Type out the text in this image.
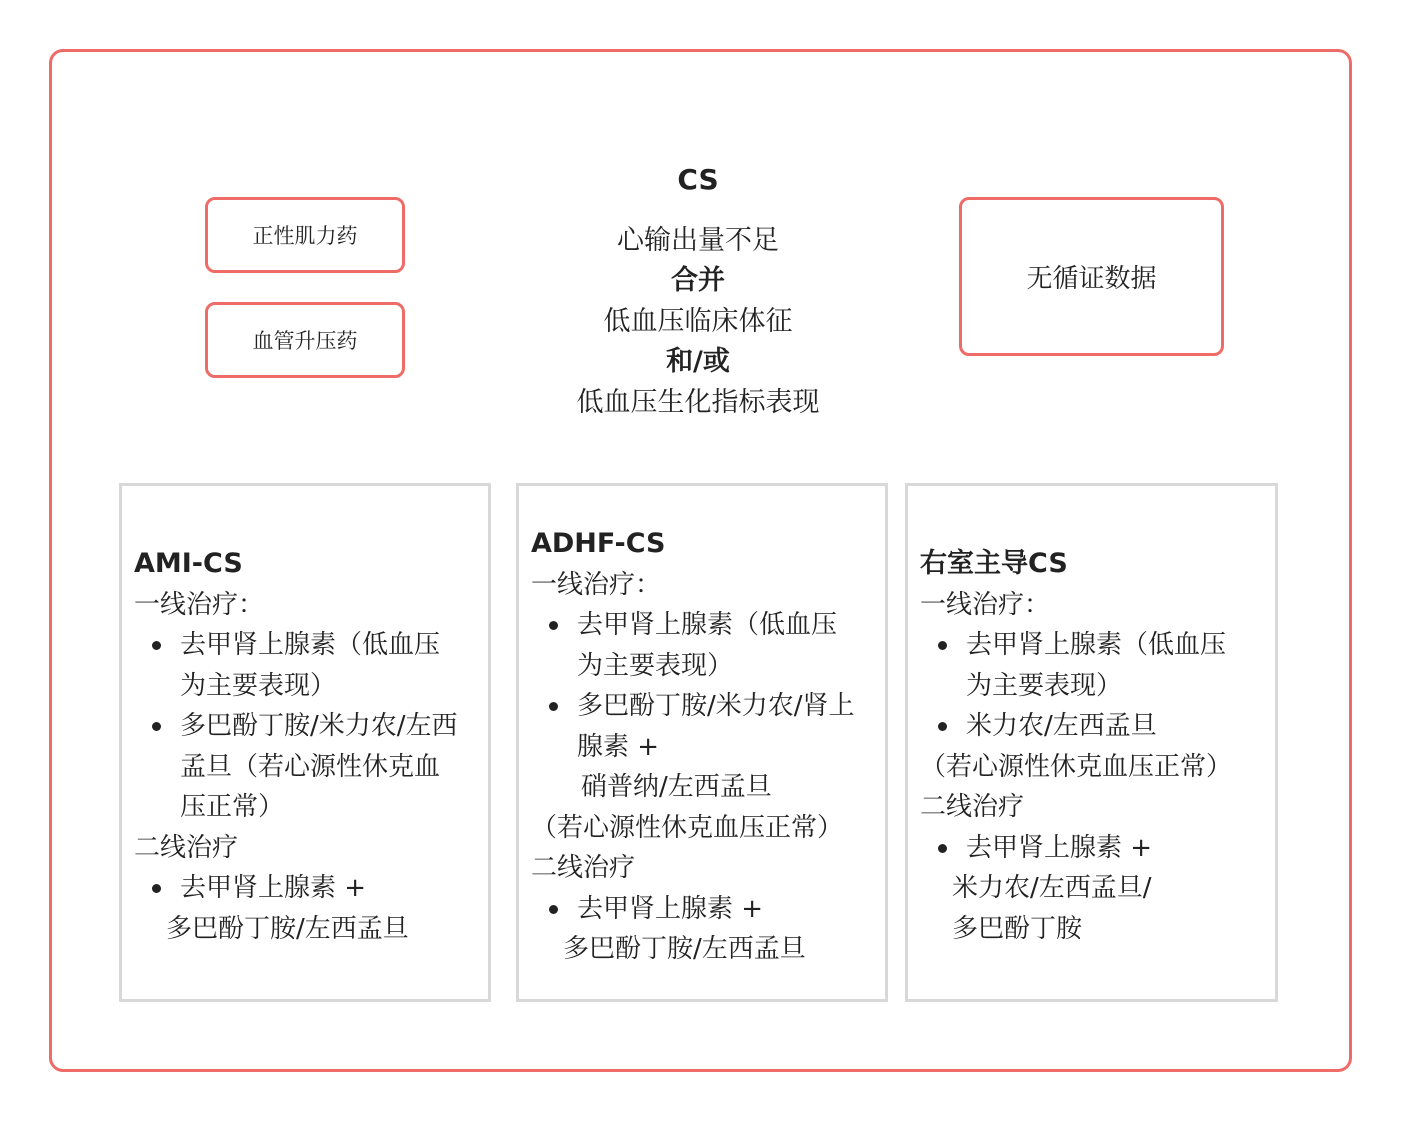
CS
心输出量不足
合并
低血压临床体征
和/或
低血压生化指标表现
正性肌力药
血管升压药
无循证数据
AMI-CS
一线治疗：
去甲肾上腺素（低血压
为主要表现）
多巴酚丁胺/米力农/左西
孟旦（若心源性休克血
压正常）
二线治疗
去甲肾上腺素 +
多巴酚丁胺/左西孟旦
ADHF-CS
一线治疗：
去甲肾上腺素（低血压
为主要表现）
多巴酚丁胺/米力农/肾上
腺素 +
硝普纳/左西孟旦
（若心源性休克血压正常）
二线治疗
去甲肾上腺素 +
多巴酚丁胺/左西孟旦
右室主导CS
一线治疗：
去甲肾上腺素（低血压
为主要表现）
米力农/左西孟旦
（若心源性休克血压正常）
二线治疗
去甲肾上腺素 +
米力农/左西孟旦/
多巴酚丁胺
